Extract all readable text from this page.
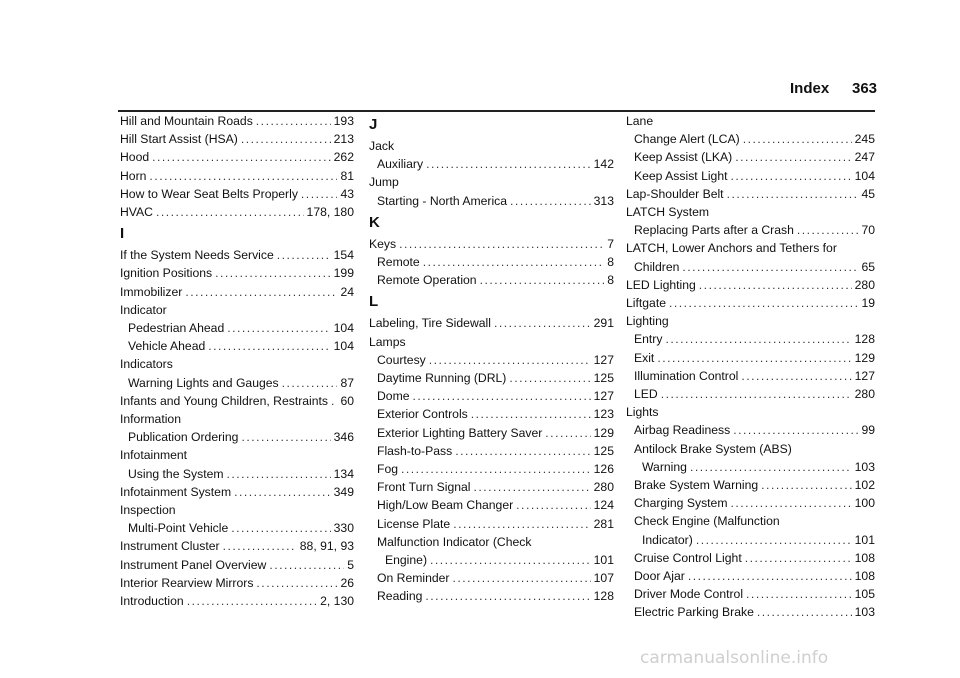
Index 363
Hill and Mountain Roads .....	193
Hill Start Assist (HSA) .....	213
Hood .....	262
Horn .....	81
How to Wear Seat Belts Properly .....	43
HVAC .....	178, 180
I
If the System Needs Service .....	154
Ignition Positions .....	199
Immobilizer .....	24
Indicator
Pedestrian Ahead .....	104
Vehicle Ahead .....	104
Indicators
Warning Lights and Gauges .....	87
Infants and Young Children, Restraints ..... 60
Information
Publication Ordering .....	346
Infotainment
Using the System .....	134
Infotainment System .....	349
Inspection
Multi-Point Vehicle .....	330
Instrument Cluster .....	88, 91, 93
Instrument Panel Overview .....	5
Interior Rearview Mirrors .....	26
Introduction .....	2, 130
J
Jack
Auxiliary .....	142
Jump
Starting - North America .....	313
K
Keys .....	7
Remote .....	8
Remote Operation .....	8
L
Labeling, Tire Sidewall .....	291
Lamps
Courtesy .....	127
Daytime Running (DRL) .....	125
Dome .....	127
Exterior Controls .....	123
Exterior Lighting Battery Saver .....	129
Flash-to-Pass .....	125
Fog .....	126
Front Turn Signal .....	280
High/Low Beam Changer .....	124
License Plate .....	281
Malfunction Indicator (Check
Engine) .....	101
On Reminder .....	107
Reading .....	128
Lane
Change Alert (LCA) .....	245
Keep Assist (LKA) .....	247
Keep Assist Light .....	104
Lap-Shoulder Belt .....	45
LATCH System
Replacing Parts after a Crash .....	70
LATCH, Lower Anchors and Tethers for
Children .....	65
LED Lighting .....	280
Liftgate .....	19
Lighting
Entry .....	128
Exit .....	129
Illumination Control .....	127
LED .....	280
Lights
Airbag Readiness .....	99
Antilock Brake System (ABS)
Warning .....	103
Brake System Warning .....	102
Charging System .....	100
Check Engine (Malfunction
Indicator) .....	101
Cruise Control Light .....	108
Door Ajar .....	108
Driver Mode Control .....	105
Electric Parking Brake .....	103
carmanualsonline.info
